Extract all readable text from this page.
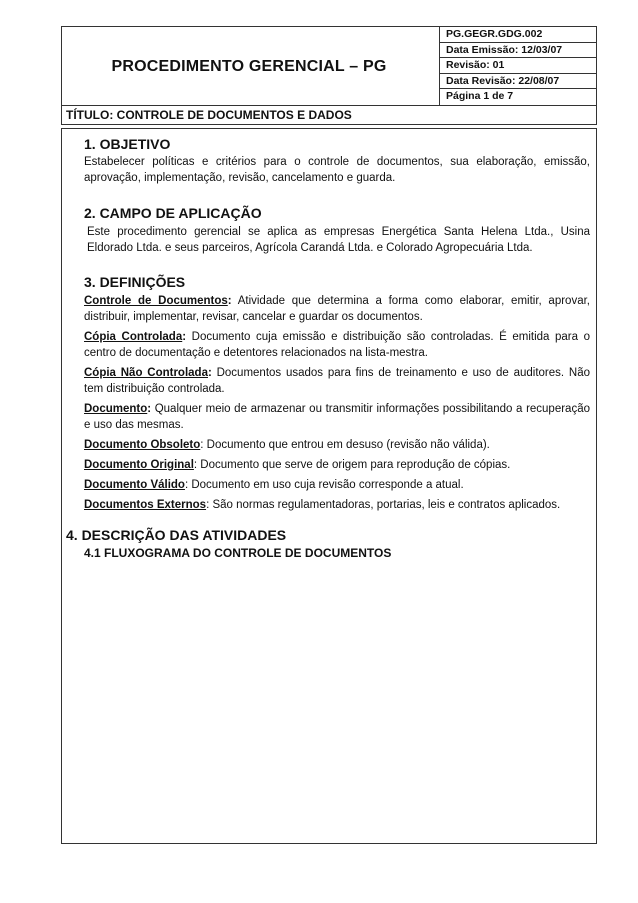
PROCEDIMENTO GERENCIAL – PG
PG.GEGR.GDG.002
Data Emissão: 12/03/07
Revisão: 01
Data Revisão: 22/08/07
Página 1 de 7
TÍTULO: CONTROLE DE DOCUMENTOS E DADOS

1. OBJETIVO

Estabelecer políticas e critérios para o controle de documentos, sua elaboração, emissão, aprovação, implementação, revisão, cancelamento e guarda.

2. CAMPO DE APLICAÇÃO

Este procedimento gerencial se aplica as empresas Energética Santa Helena Ltda., Usina Eldorado Ltda. e seus parceiros, Agrícola Carandá Ltda. e Colorado Agropecuária Ltda.

3. DEFINIÇÕES

Controle de Documentos: Atividade que determina a forma como elaborar, emitir, aprovar, distribuir, implementar, revisar, cancelar e guardar os documentos.

Cópia Controlada: Documento cuja emissão e distribuição são controladas. É emitida para o centro de documentação e detentores relacionados na lista-mestra.

Cópia Não Controlada: Documentos usados para fins de treinamento e uso de auditores. Não tem distribuição controlada.

Documento: Qualquer meio de armazenar ou transmitir informações possibilitando a recuperação e uso das mesmas.

Documento Obsoleto: Documento que entrou em desuso (revisão não válida).

Documento Original: Documento que serve de origem para reprodução de cópias.

Documento Válido: Documento em uso cuja revisão corresponde a atual.

Documentos Externos: São normas regulamentadoras, portarias, leis e contratos aplicados.

4. DESCRIÇÃO DAS ATIVIDADES

4.1 FLUXOGRAMA DO CONTROLE DE DOCUMENTOS
